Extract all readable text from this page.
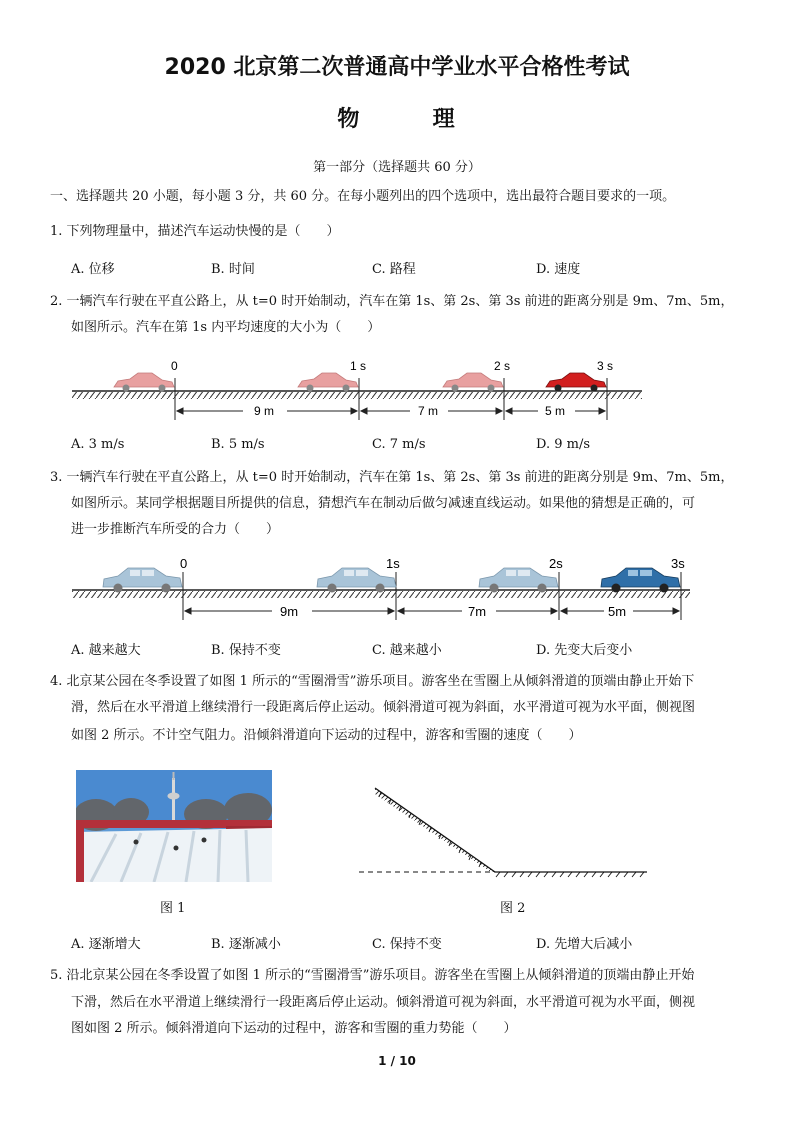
2020 北京第二次普通高中学业水平合格性考试
物	理
第一部分（选择题共 60 分）
一、选择题共 20 小题，每小题 3 分，共 60 分。在每小题列出的四个选项中，选出最符合题目要求的一项。
1. 下列物理量中，描述汽车运动快慢的是（　　）
A. 位移	B. 时间	C. 路程	D. 速度
2. 一辆汽车行驶在平直公路上，从 t=0 时开始制动，汽车在第 1s、第 2s、第 3s 前进的距离分别是 9m、7m、5m，
如图所示。汽车在第 1s 内平均速度的大小为（　　）
0	1 s	2 s	3 s
9 m	7 m	5 m
A. 3 m/s	B. 5 m/s	C. 7 m/s	D. 9 m/s
3. 一辆汽车行驶在平直公路上，从 t=0 时开始制动，汽车在第 1s、第 2s、第 3s 前进的距离分别是 9m、7m、5m，
如图所示。某同学根据题目所提供的信息，猜想汽车在制动后做匀减速直线运动。如果他的猜想是正确的，可
进一步推断汽车所受的合力（　　）
0	1s	2s	3s
9m	7m	5m
A. 越来越大	B. 保持不变	C. 越来越小	D. 先变大后变小
4. 北京某公园在冬季设置了如图 1 所示的“雪圈滑雪”游乐项目。游客坐在雪圈上从倾斜滑道的顶端由静止开始下
滑，然后在水平滑道上继续滑行一段距离后停止运动。倾斜滑道可视为斜面，水平滑道可视为水平面，侧视图
如图 2 所示。不计空气阻力。沿倾斜滑道向下运动的过程中，游客和雪圈的速度（　　）
图 1	图 2
A. 逐渐增大	B. 逐渐减小	C. 保持不变	D. 先增大后减小
5. 沿北京某公园在冬季设置了如图 1 所示的“雪圈滑雪”游乐项目。游客坐在雪圈上从倾斜滑道的顶端由静止开始
下滑，然后在水平滑道上继续滑行一段距离后停止运动。倾斜滑道可视为斜面，水平滑道可视为水平面，侧视
图如图 2 所示。倾斜滑道向下运动的过程中，游客和雪圈的重力势能（　　）
1 / 10
